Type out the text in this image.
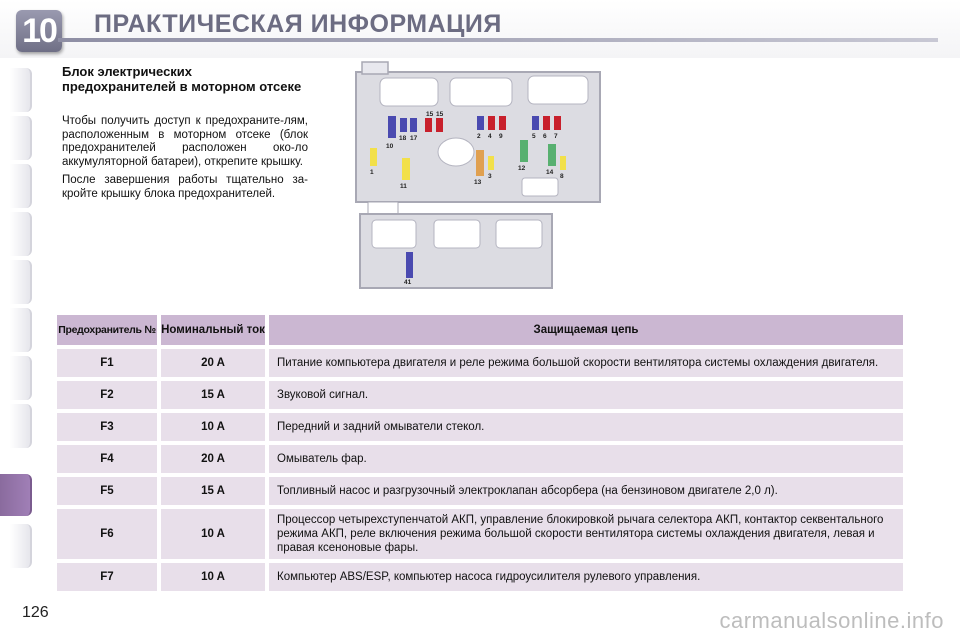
10 ПРАКТИЧЕСКАЯ ИНФОРМАЦИЯ
Блок электрических предохранителей в моторном отсеке

Чтобы получить доступ к предохраните-лям, расположенным в моторном отсеке (блок предохранителей расположен око-ло аккумуляторной батареи), открепите крышку.

После завершения работы тщательно за-кройте крышку блока предохранителей.

15 15
18 17
10
1
11
2 4 9
3
13
5 6 7
12
14
8
41
Предохранитель №		Номинальный ток		Защищаемая цепь
F1		20 A		Питание компьютера двигателя и реле режима большой скорости вентилятора системы охлаждения двигателя.
F2		15 A		Звуковой сигнал.
F3		10 A		Передний и задний омыватели стекол.
F4		20 A		Омыватель фар.
F5		15 A		Топливный насос и разгрузочный электроклапан абсорбера (на бензиновом двигателе 2,0 л).
F6		10 A		Процессор четырехступенчатой АКП, управление блокировкой рычага селектора АКП, контактор секвентального режима АКП, реле включения режима большой скорости вентилятора системы охлаждения двигателя, левая и правая ксеноновые фары.
F7		10 A		Компьютер ABS/ESP, компьютер насоса гидроусилителя рулевого управления.
126	carmanualsonline.info
